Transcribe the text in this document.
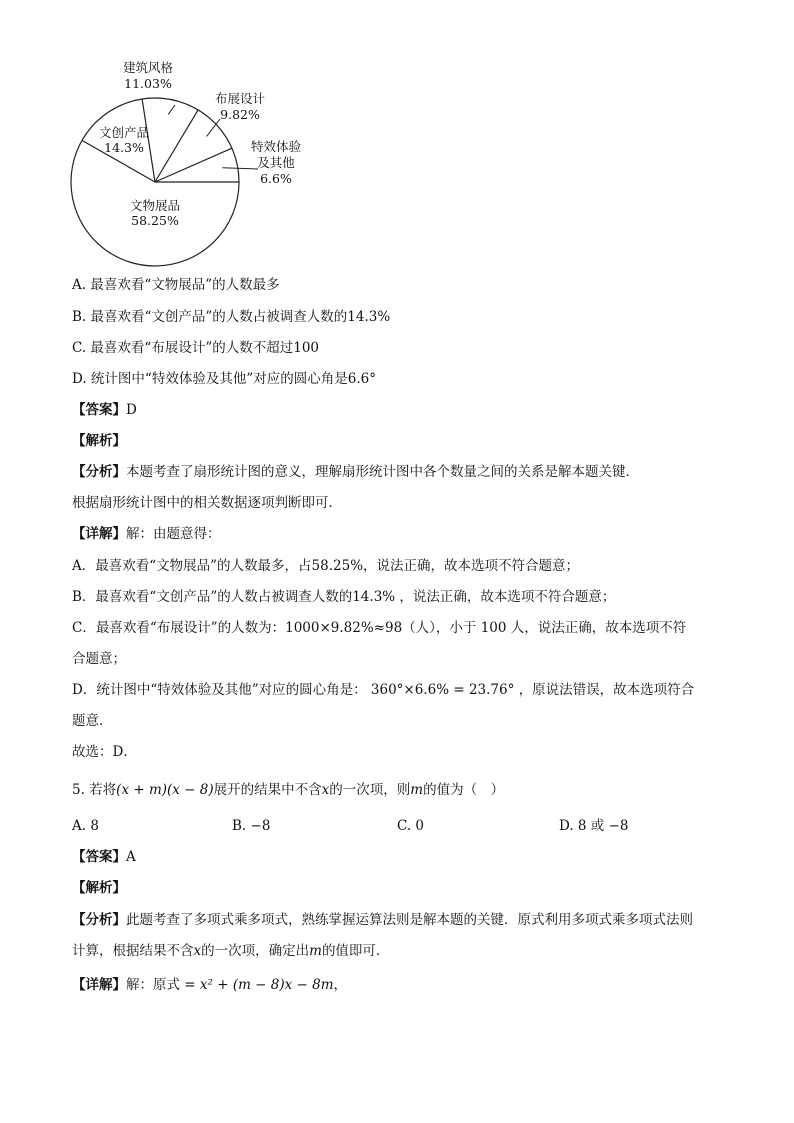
建筑风格
11.03%
布展设计
9.82%
特效体验
及其他
6.6%
文物展品
58.25%
文创产品
14.3%
A. 最喜欢看“文物展品”的人数最多
B. 最喜欢看“文创产品”的人数占被调查人数的14.3%
C. 最喜欢看“布展设计”的人数不超过100
D. 统计图中“特效体验及其他”对应的圆心角是6.6°
【答案】D
【解析】
【分析】本题考查了扇形统计图的意义，理解扇形统计图中各个数量之间的关系是解本题关键．
根据扇形统计图中的相关数据逐项判断即可．
【详解】解：由题意得：
A．最喜欢看“文物展品”的人数最多，占58.25%，说法正确，故本选项不符合题意；
B．最喜欢看“文创产品”的人数占被调查人数的14.3% ，说法正确，故本选项不符合题意；
C．最喜欢看“布展设计”的人数为：1000×9.82%≈98（人），小于 100 人，说法正确，故本选项不符
合题意；
D．统计图中“特效体验及其他”对应的圆心角是： 360°×6.6% = 23.76° ，原说法错误，故本选项符合
题意．
故选：D．
5. 若将(x + m)(x − 8)展开的结果中不含x的一次项，则m的值为（　）
A. 8	B. −8	C. 0	D. 8 或 −8
【答案】A
【解析】
【分析】此题考查了多项式乘多项式，熟练掌握运算法则是解本题的关键．原式利用多项式乘多项式法则
计算，根据结果不含x的一次项，确定出m的值即可．
【详解】解：原式 = x² + (m − 8)x − 8m，
